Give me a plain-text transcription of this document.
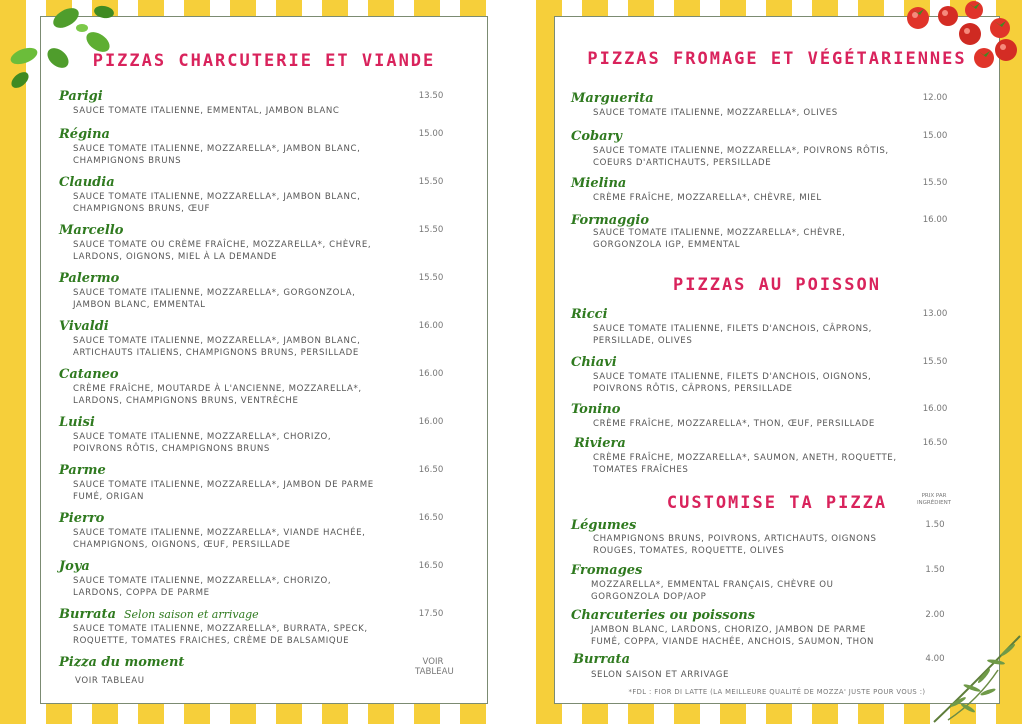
PIZZAS CHARCUTERIE ET VIANDE
Parigi
SAUCE TOMATE ITALIENNE, EMMENTAL, JAMBON BLANC
13.50
Régina
SAUCE TOMATE ITALIENNE, MOZZARELLA*, JAMBON BLANC, CHAMPIGNONS BRUNS
15.00
Claudia
SAUCE TOMATE ITALIENNE, MOZZARELLA*, JAMBON BLANC, CHAMPIGNONS BRUNS, ŒUF
15.50
Marcello
SAUCE TOMATE OU CRÈME FRAÎCHE, MOZZARELLA*, CHÈVRE, LARDONS, OIGNONS, MIEL À LA DEMANDE
15.50
Palermo
SAUCE TOMATE ITALIENNE, MOZZARELLA*, GORGONZOLA, JAMBON BLANC, EMMENTAL
15.50
Vivaldi
SAUCE TOMATE ITALIENNE, MOZZARELLA*, JAMBON BLANC, ARTICHAUTS ITALIENS, CHAMPIGNONS BRUNS, PERSILLADE
16.00
Cataneo
CRÈME FRAÎCHE, MOUTARDE À L'ANCIENNE, MOZZARELLA*, LARDONS, CHAMPIGNONS BRUNS, VENTRÈCHE
16.00
Luisi
SAUCE TOMATE ITALIENNE, MOZZARELLA*, CHORIZO, POIVRONS RÔTIS, CHAMPIGNONS BRUNS
16.00
Parme
SAUCE TOMATE ITALIENNE, MOZZARELLA*, JAMBON DE PARME FUMÉ, ORIGAN
16.50
Pierro
SAUCE TOMATE ITALIENNE, MOZZARELLA*, VIANDE HACHÉE, CHAMPIGNONS, OIGNONS, ŒUF, PERSILLADE
16.50
Joya
SAUCE TOMATE ITALIENNE, MOZZARELLA*, CHORIZO, LARDONS, COPPA DE PARME
16.50
Burrata Selon saison et arrivage
SAUCE TOMATE ITALIENNE, MOZZARELLA*, BURRATA, SPECK, ROQUETTE, TOMATES FRAICHES, CRÈME DE BALSAMIQUE
17.50
Pizza du moment
VOIR TABLEAU
VOIR TABLEAU
PIZZAS FROMAGE ET VÉGÉTARIENNES
Marguerita
SAUCE TOMATE ITALIENNE, MOZZARELLA*, OLIVES
12.00
Cobary
SAUCE TOMATE ITALIENNE, MOZZARELLA*, POIVRONS RÔTIS, COEURS D'ARTICHAUTS, PERSILLADE
15.00
Mielina
CRÈME FRAÎCHE, MOZZARELLA*, CHÈVRE, MIEL
15.50
Formaggio
SAUCE TOMATE ITALIENNE, MOZZARELLA*, CHÈVRE, GORGONZOLA IGP, EMMENTAL
16.00
PIZZAS AU POISSON
Ricci
SAUCE TOMATE ITALIENNE, FILETS D'ANCHOIS, CÂPRONS, PERSILLADE, OLIVES
13.00
Chiavi
SAUCE TOMATE ITALIENNE, FILETS D'ANCHOIS, OIGNONS, POIVRONS RÔTIS, CÂPRONS, PERSILLADE
15.50
Tonino
CRÈME FRAÎCHE, MOZZARELLA*, THON, ŒUF, PERSILLADE
16.00
Riviera
CRÈME FRAÎCHE, MOZZARELLA*, SAUMON, ANETH, ROQUETTE, TOMATES FRAÎCHES
16.50
CUSTOMISE TA PIZZA	PRIX PAR INGRÉDIENT
Légumes
CHAMPIGNONS BRUNS, POIVRONS, ARTICHAUTS, OIGNONS ROUGES, TOMATES, ROQUETTE, OLIVES
1.50
Fromages
MOZZARELLA*, EMMENTAL FRANÇAIS, CHÈVRE OU GORGONZOLA DOP/AOP
1.50
Charcuteries ou poissons
JAMBON BLANC, LARDONS, CHORIZO, JAMBON DE PARME FUMÉ, COPPA, VIANDE HACHÉE, ANCHOIS, SAUMON, THON
2.00
Burrata
SELON SAISON ET ARRIVAGE
4.00
*FDL : FIOR DI LATTE (LA MEILLEURE QUALITÉ DE MOZZA' JUSTE POUR VOUS :)
